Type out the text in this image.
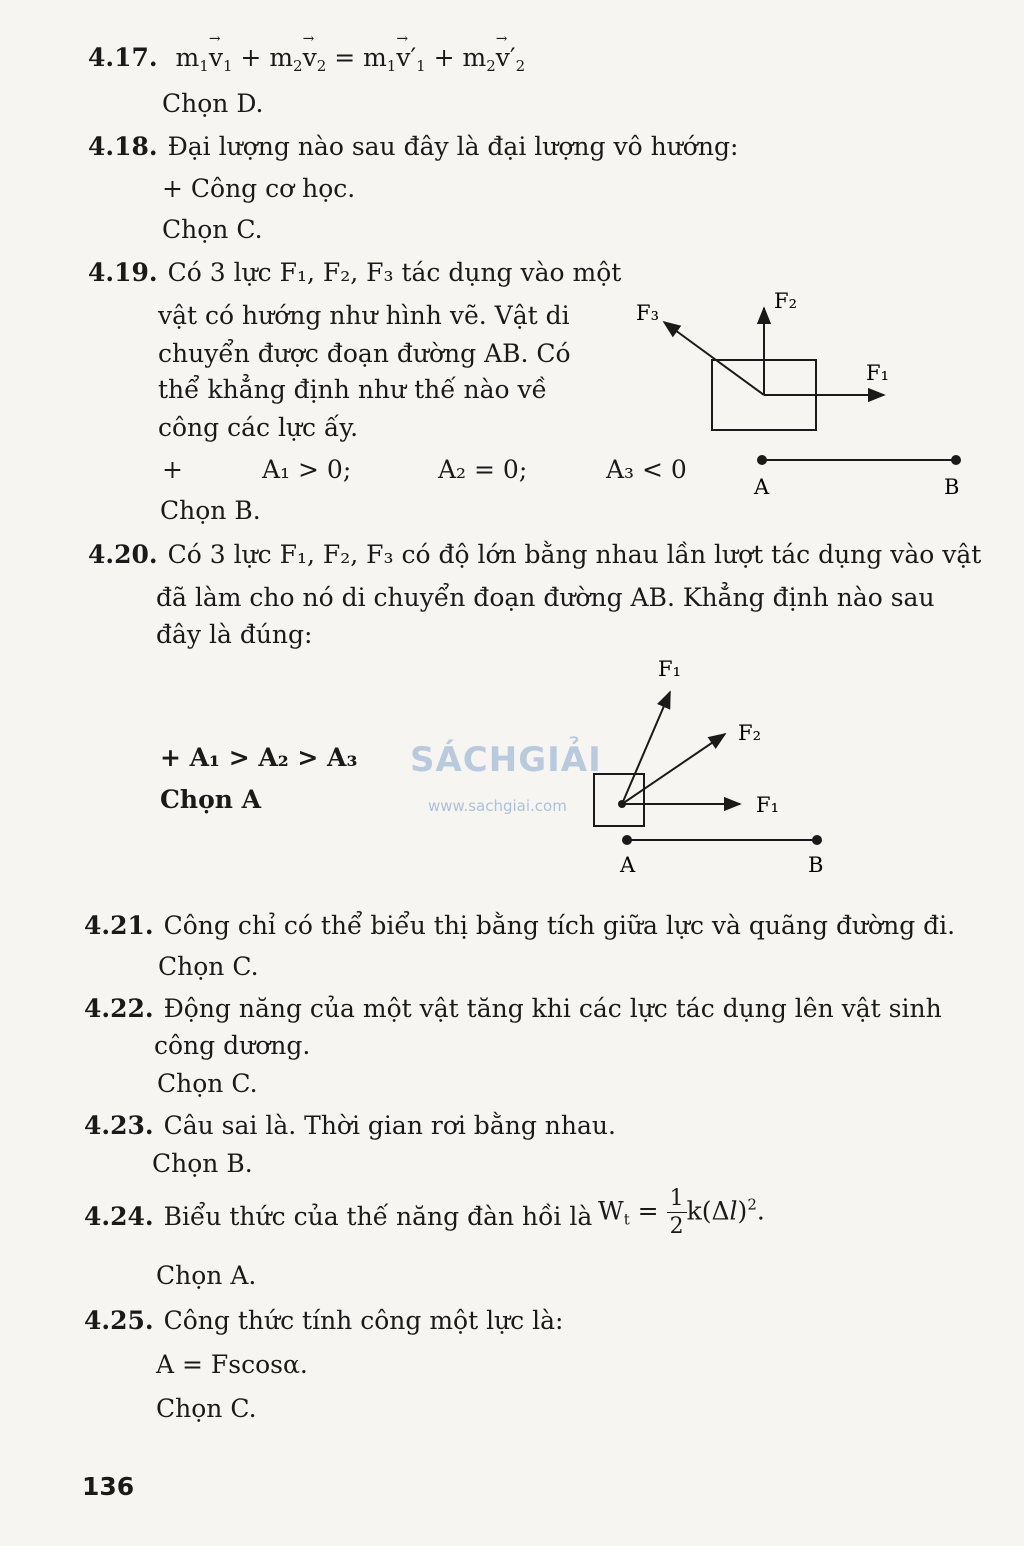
4.17. $m_1\to v_1 + m_2\to v_2 = m_1\to v'_1 + m_2\to v'_2$
Chọn D.
4.18. Đại lượng nào sau đây là đại lượng vô hướng:
+ Công cơ học.
Chọn C.
4.19. Có 3 lực F₁, F₂, F₃ tác dụng vào một
vật có hướng như hình vẽ. Vật di
chuyển được đoạn đường AB. Có
thể khẳng định như thế nào về
công các lực ấy.
+	A₁ > 0;	A₂ = 0;	A₃ < 0
Chọn B.
F₁
F₂
F₃
A	B
4.20. Có 3 lực F₁, F₂, F₃ có độ lớn bằng nhau lần lượt tác dụng vào vật
đã làm cho nó di chuyển đoạn đường AB. Khẳng định nào sau
đây là đúng:
+ A₁ > A₂ > A₃
Chọn A
SÁCHGIẢI
www.sachgiai.com
F₁
F₂
F₁
A	B
4.21. Công chỉ có thể biểu thị bằng tích giữa lực và quãng đường đi.
Chọn C.
4.22. Động năng của một vật tăng khi các lực tác dụng lên vật sinh
công dương.
Chọn C.
4.23. Câu sai là. Thời gian rơi bằng nhau.
Chọn B.
4.24. Biểu thức của thế năng đàn hồi là $W_t = \frac{1}{2} k(\Delta l)^2$.
Chọn A.
4.25. Công thức tính công một lực là:
A = Fscosα.
Chọn C.
136
